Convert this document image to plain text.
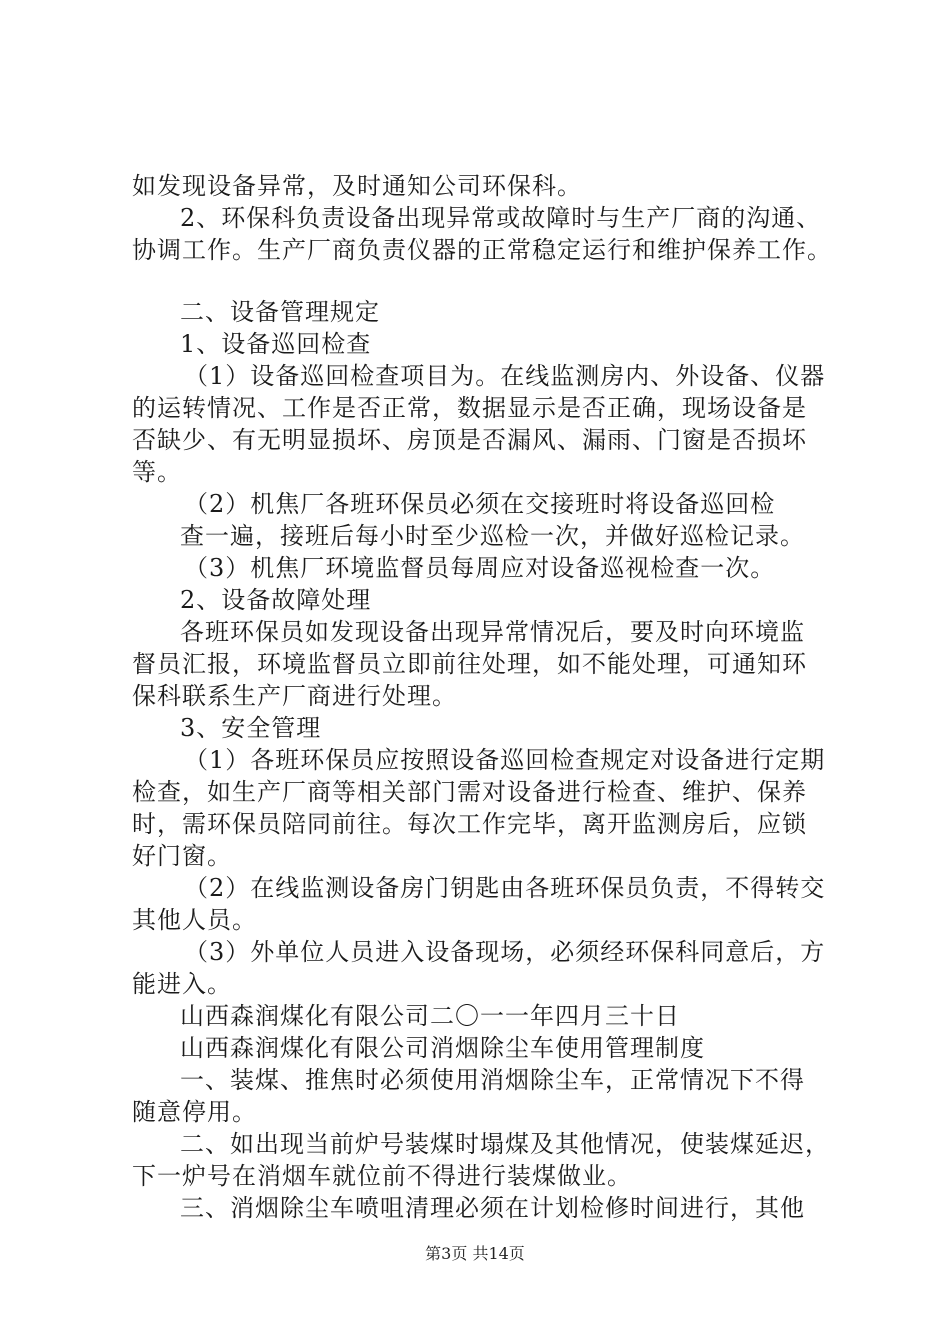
如发现设备异常，及时通知公司环保科。
2、环保科负责设备出现异常或故障时与生产厂商的沟通、
协调工作。生产厂商负责仪器的正常稳定运行和维护保养工作。
二、设备管理规定
1、设备巡回检查
（1）设备巡回检查项目为。在线监测房内、外设备、仪器
的运转情况、工作是否正常，数据显示是否正确，现场设备是
否缺少、有无明显损坏、房顶是否漏风、漏雨、门窗是否损坏
等。
（2）机焦厂各班环保员必须在交接班时将设备巡回检
查一遍，接班后每小时至少巡检一次，并做好巡检记录。
（3）机焦厂环境监督员每周应对设备巡视检查一次。
2、设备故障处理
各班环保员如发现设备出现异常情况后，要及时向环境监
督员汇报，环境监督员立即前往处理，如不能处理，可通知环
保科联系生产厂商进行处理。
3、安全管理
（1）各班环保员应按照设备巡回检查规定对设备进行定期
检查，如生产厂商等相关部门需对设备进行检查、维护、保养
时，需环保员陪同前往。每次工作完毕，离开监测房后，应锁
好门窗。
（2）在线监测设备房门钥匙由各班环保员负责，不得转交
其他人员。
（3）外单位人员进入设备现场，必须经环保科同意后，方
能进入。
山西森润煤化有限公司二〇一一年四月三十日
山西森润煤化有限公司消烟除尘车使用管理制度
一、装煤、推焦时必须使用消烟除尘车，正常情况下不得
随意停用。
二、如出现当前炉号装煤时塌煤及其他情况，使装煤延迟，
下一炉号在消烟车就位前不得进行装煤做业。
三、消烟除尘车喷咀清理必须在计划检修时间进行，其他
第3页 共14页
